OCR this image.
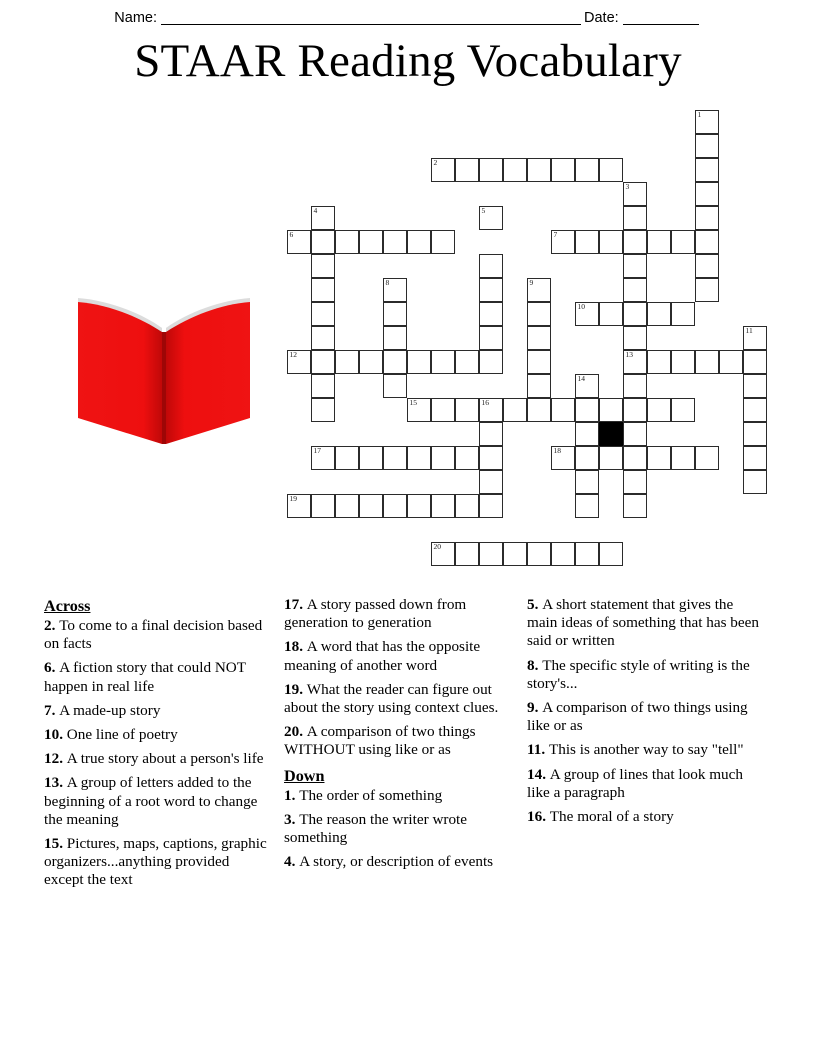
Name:	Date:
STAAR Reading Vocabulary
1
2
3
4	5
6	7
8	9
10
11
12	13
14
15	16
17	18
19
20
Across
2. To come to a final decision based on facts
6. A fiction story that could NOT happen in real life
7. A made-up story
10. One line of poetry
12. A true story about a person's life
13. A group of letters added to the beginning of a root word to change the meaning
15. Pictures, maps, captions, graphic organizers...anything provided except the text
17. A story passed down from generation to generation
18. A word that has the opposite meaning of another word
19. What the reader can figure out about the story using context clues.
20. A comparison of two things WITHOUT using like or as
Down
1. The order of something
3. The reason the writer wrote something
4. A story, or description of events
5. A short statement that gives the main ideas of something that has been said or written
8. The specific style of writing is the story's...
9. A comparison of two things using like or as
11. This is another way to say "tell"
14. A group of lines that look much like a paragraph
16. The moral of a story
